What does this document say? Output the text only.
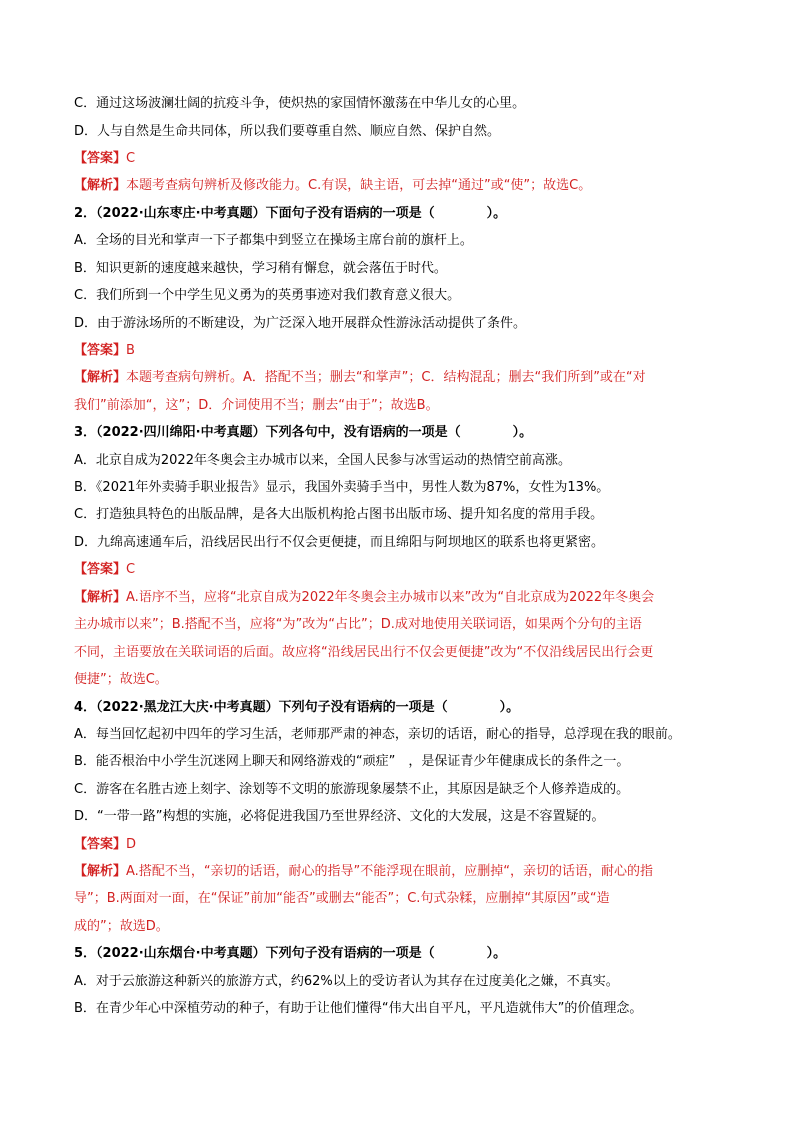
C．通过这场波澜壮阔的抗疫斗争，使炽热的家国情怀激荡在中华儿女的心里。
D．人与自然是生命共同体，所以我们要尊重自然、顺应自然、保护自然。
【答案】C
【解析】本题考查病句辨析及修改能力。C.有误，缺主语，可去掉“通过”或“使”；故选C。
2．（2022·山东枣庄·中考真题）下面句子没有语病的一项是（　　　　）。
A．全场的目光和掌声一下子都集中到竖立在操场主席台前的旗杆上。
B．知识更新的速度越来越快，学习稍有懈怠，就会落伍于时代。
C．我们所到一个中学生见义勇为的英勇事迹对我们教育意义很大。
D．由于游泳场所的不断建设，为广泛深入地开展群众性游泳活动提供了条件。
【答案】B
【解析】本题考查病句辨析。A．搭配不当；删去“和掌声”；C．结构混乱；删去“我们所到”或在“对
我们”前添加“，这”；D．介词使用不当；删去“由于”；故选B。
3．（2022·四川绵阳·中考真题）下列各句中，没有语病的一项是（　　　　）。
A．北京自成为2022年冬奥会主办城市以来，全国人民参与冰雪运动的热情空前高涨。
B．《2021年外卖骑手职业报告》显示，我国外卖骑手当中，男性人数为87%，女性为13%。
C．打造独具特色的出版品牌，是各大出版机构抢占图书出版市场、提升知名度的常用手段。
D．九绵高速通车后，沿线居民出行不仅会更便捷，而且绵阳与阿坝地区的联系也将更紧密。
【答案】C
【解析】A.语序不当，应将“北京自成为2022年冬奥会主办城市以来”改为“自北京成为2022年冬奥会
主办城市以来”；B.搭配不当，应将“为”改为“占比”；D.成对地使用关联词语，如果两个分句的主语
不同，主语要放在关联词语的后面。故应将“沿线居民出行不仅会更便捷”改为“不仅沿线居民出行会更
便捷”；故选C。
4．（2022·黑龙江大庆·中考真题）下列句子没有语病的一项是（　　　　）。
A．每当回忆起初中四年的学习生活，老师那严肃的神态，亲切的话语，耐心的指导，总浮现在我的眼前。
B．能否根治中小学生沉迷网上聊天和网络游戏的“顽症”　，是保证青少年健康成长的条件之一。
C．游客在名胜古迹上刻字、涂划等不文明的旅游现象屡禁不止，其原因是缺乏个人修养造成的。
D．“一带一路”构想的实施，必将促进我国乃至世界经济、文化的大发展，这是不容置疑的。
【答案】D
【解析】A.搭配不当，“亲切的话语，耐心的指导”不能浮现在眼前，应删掉“，亲切的话语，耐心的指
导”；B.两面对一面，在“保证”前加“能否”或删去“能否”；C.句式杂糅，应删掉“其原因”或“造
成的”；故选D。
5．（2022·山东烟台·中考真题）下列句子没有语病的一项是（　　　　）。
A．对于云旅游这种新兴的旅游方式，约62%以上的受访者认为其存在过度美化之嫌，不真实。
B．在青少年心中深植劳动的种子，有助于让他们懂得“伟大出自平凡，平凡造就伟大”的价值理念。
